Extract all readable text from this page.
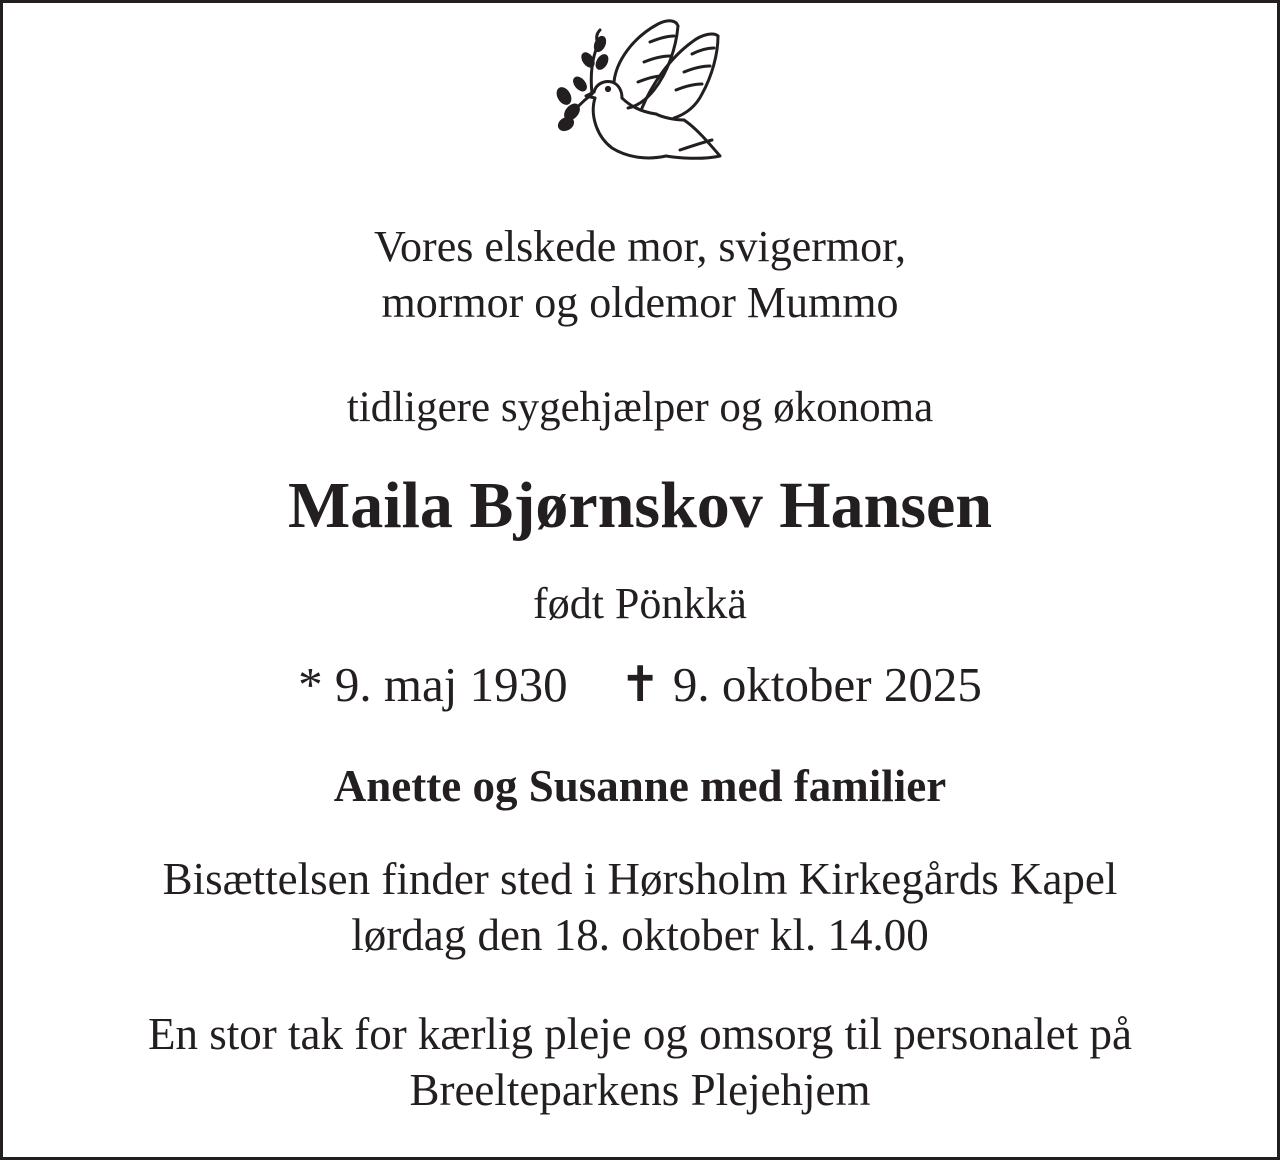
Vores elskede mor, svigermor,
mormor og oldemor Mummo

tidligere sygehjælper og økonoma

Maila Bjørnskov Hansen

født Pönkkä

* 9. maj 1930 ✝ 9. oktober 2025

Anette og Susanne med familier

Bisættelsen finder sted i Hørsholm Kirkegårds Kapel
lørdag den 18. oktober kl. 14.00
En stor tak for kærlig pleje og omsorg til personalet på
Breelteparkens Plejehjem
